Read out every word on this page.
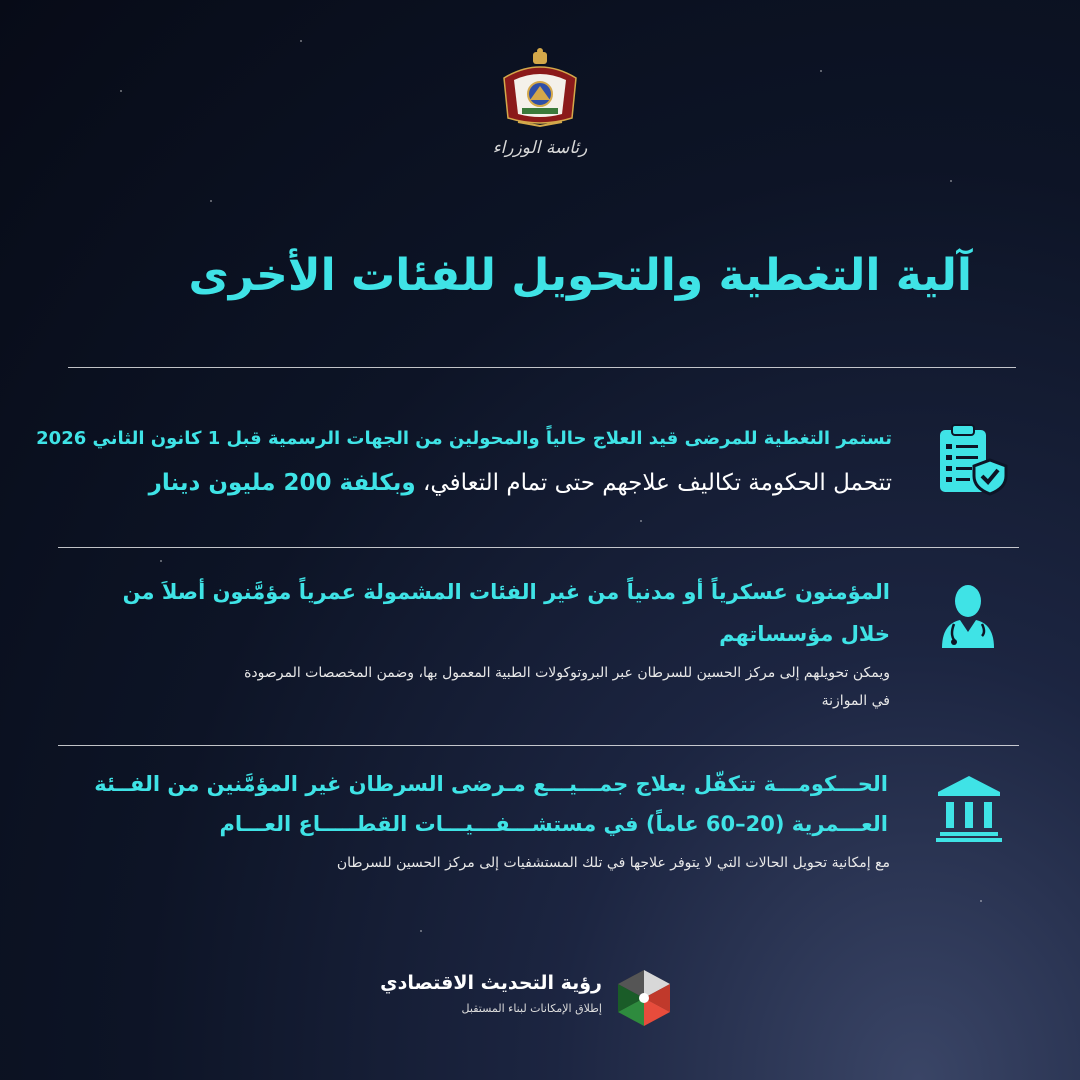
رئاسة الوزراء
آلية التغطية والتحويل للفئات الأخرى
تستمر التغطية للمرضى قيد العلاج حالياً والمحولين من الجهات الرسمية قبل 1 كانون الثاني 2026
تتحمل الحكومة تكاليف علاجهم حتى تمام التعافي، وبكلفة 200 مليون دينار
المؤمنون عسكرياً أو مدنياً من غير الفئات المشمولة عمرياً مؤمَّنون أصلاَ من
خلال مؤسساتهم
ويمكن تحويلهم إلى مركز الحسين للسرطان عبر البروتوكولات الطبية المعمول بها، وضمن المخصصات المرصودة
في الموازنة
الحـــكومـــة تتكفّل بعلاج جمـــيـــع مـرضى السرطان غير المؤمَّنين من الفــئة
العـــمرية (20–60 عاماً) في مستشـــفـــيـــات القطـــــاع العـــام
مع إمكانية تحويل الحالات التي لا يتوفر علاجها في تلك المستشفيات إلى مركز الحسين للسرطان
رؤية التحديث الاقتصادي
إطلاق الإمكانات لبناء المستقبل
